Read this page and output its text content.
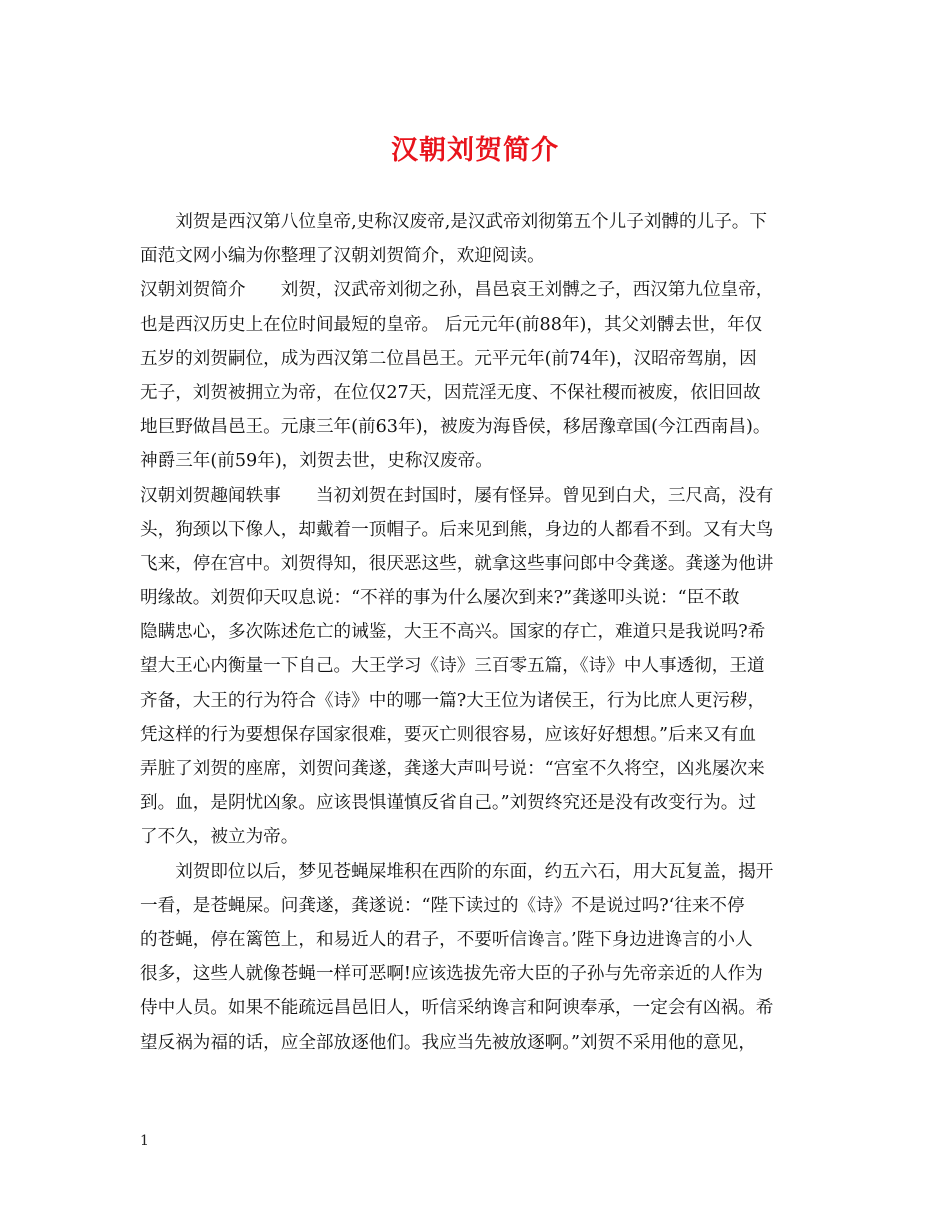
汉朝刘贺简介
　　刘贺是西汉第八位皇帝,史称汉废帝,是汉武帝刘彻第五个儿子刘髆的儿子。下
面范文网小编为你整理了汉朝刘贺简介，欢迎阅读。
汉朝刘贺简介　　刘贺，汉武帝刘彻之孙，昌邑哀王刘髆之子，西汉第九位皇帝，
也是西汉历史上在位时间最短的皇帝。 后元元年(前88年)，其父刘髆去世，年仅
五岁的刘贺嗣位，成为西汉第二位昌邑王。元平元年(前74年)，汉昭帝驾崩，因
无子，刘贺被拥立为帝，在位仅27天，因荒淫无度、不保社稷而被废，依旧回故
地巨野做昌邑王。元康三年(前63年)，被废为海昏侯，移居豫章国(今江西南昌)。
神爵三年(前59年)，刘贺去世，史称汉废帝。
汉朝刘贺趣闻轶事　　当初刘贺在封国时，屡有怪异。曾见到白犬，三尺高，没有
头，狗颈以下像人，却戴着一顶帽子。后来见到熊，身边的人都看不到。又有大鸟
飞来，停在宫中。刘贺得知，很厌恶这些，就拿这些事问郎中令龚遂。龚遂为他讲
明缘故。刘贺仰天叹息说：“不祥的事为什么屡次到来?”龚遂叩头说：“臣不敢
隐瞒忠心，多次陈述危亡的诫鉴，大王不高兴。国家的存亡，难道只是我说吗?希
望大王心内衡量一下自己。大王学习《诗》三百零五篇，《诗》中人事透彻，王道
齐备，大王的行为符合《诗》中的哪一篇?大王位为诸侯王，行为比庶人更污秽，
凭这样的行为要想保存国家很难，要灭亡则很容易，应该好好想想。”后来又有血
弄脏了刘贺的座席，刘贺问龚遂，龚遂大声叫号说：“宫室不久将空，凶兆屡次来
到。血，是阴忧凶象。应该畏惧谨慎反省自己。”刘贺终究还是没有改变行为。过
了不久，被立为帝。
　　刘贺即位以后，梦见苍蝇屎堆积在西阶的东面，约五六石，用大瓦复盖，揭开
一看，是苍蝇屎。问龚遂，龚遂说：“陛下读过的《诗》不是说过吗?‘往来不停
的苍蝇，停在篱笆上，和易近人的君子，不要听信谗言。’陛下身边进谗言的小人
很多，这些人就像苍蝇一样可恶啊!应该选拔先帝大臣的子孙与先帝亲近的人作为
侍中人员。如果不能疏远昌邑旧人，听信采纳谗言和阿谀奉承，一定会有凶祸。希
望反祸为福的话，应全部放逐他们。我应当先被放逐啊。”刘贺不采用他的意见，
1
